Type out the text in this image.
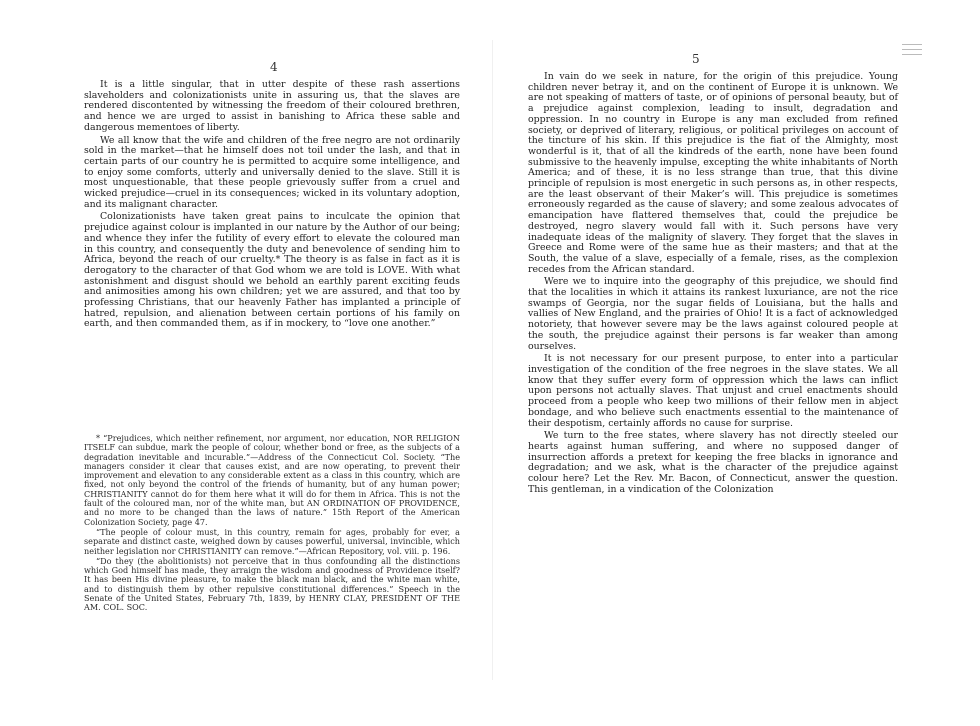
4

It is a little singular, that in utter despite of these rash assertions slaveholders and colonizationists unite in assuring us, that the slaves are rendered discontented by witnessing the freedom of their coloured brethren, and hence we are urged to assist in banishing to Africa these sable and dangerous mementoes of liberty.

We all know that the wife and children of the free negro are not ordinarily sold in the market—that he himself does not toil under the lash, and that in certain parts of our country he is permitted to acquire some intelligence, and to enjoy some comforts, utterly and universally denied to the slave. Still it is most unquestionable, that these people grievously suffer from a cruel and wicked prejudice—cruel in its consequences; wicked in its voluntary adoption, and its malignant character.

Colonizationists have taken great pains to inculcate the opinion that prejudice against colour is implanted in our nature by the Author of our being; and whence they infer the futility of every effort to elevate the coloured man in this country, and consequently the duty and benevolence of sending him to Africa, beyond the reach of our cruelty.* The theory is as false in fact as it is derogatory to the character of that God whom we are told is LOVE. With what astonishment and disgust should we behold an earthly parent exciting feuds and animosities among his own children; yet we are assured, and that too by professing Christians, that our heavenly Father has implanted a principle of hatred, repulsion, and alienation between certain portions of his family on earth, and then commanded them, as if in mockery, to “love one another.”

* “Prejudices, which neither refinement, nor argument, nor education, NOR RELIGION ITSELF can subdue, mark the people of colour, whether bond or free, as the subjects of a degradation inevitable and incurable.”—Address of the Connecticut Col. Society. “The managers consider it clear that causes exist, and are now operating, to prevent their improvement and elevation to any considerable extent as a class in this country, which are fixed, not only beyond the control of the friends of humanity, but of any human power; CHRISTIANITY cannot do for them here what it will do for them in Africa. This is not the fault of the coloured man, nor of the white man, but AN ORDINATION OF PROVIDENCE, and no more to be changed than the laws of nature.” 15th Report of the American Colonization Society, page 47.

“The people of colour must, in this country, remain for ages, probably for ever, a separate and distinct caste, weighed down by causes powerful, universal, invincible, which neither legislation nor CHRISTIANITY can remove.”—African Repository, vol. viii. p. 196.

“Do they (the abolitionists) not perceive that in thus confounding all the distinctions which God himself has made, they arraign the wisdom and goodness of Providence itself? It has been His divine pleasure, to make the black man black, and the white man white, and to distinguish them by other repulsive constitutional differences.” Speech in the Senate of the United States, February 7th, 1839, by HENRY CLAY, PRESIDENT OF THE AM. COL. SOC.

5

In vain do we seek in nature, for the origin of this prejudice. Young children never betray it, and on the continent of Europe it is unknown. We are not speaking of matters of taste, or of opinions of personal beauty, but of a prejudice against complexion, leading to insult, degradation and oppression. In no country in Europe is any man excluded from refined society, or deprived of literary, religious, or political privileges on account of the tincture of his skin. If this prejudice is the fiat of the Almighty, most wonderful is it, that of all the kindreds of the earth, none have been found submissive to the heavenly impulse, excepting the white inhabitants of North America; and of these, it is no less strange than true, that this divine principle of repulsion is most energetic in such persons as, in other respects, are the least observant of their Maker’s will. This prejudice is sometimes erroneously regarded as the cause of slavery; and some zealous advocates of emancipation have flattered themselves that, could the prejudice be destroyed, negro slavery would fall with it. Such persons have very inadequate ideas of the malignity of slavery. They forget that the slaves in Greece and Rome were of the same hue as their masters; and that at the South, the value of a slave, especially of a female, rises, as the complexion recedes from the African standard.

Were we to inquire into the geography of this prejudice, we should find that the localities in which it attains its rankest luxuriance, are not the rice swamps of Georgia, nor the sugar fields of Louisiana, but the halls and vallies of New England, and the prairies of Ohio! It is a fact of acknowledged notoriety, that however severe may be the laws against coloured people at the south, the prejudice against their persons is far weaker than among ourselves.

It is not necessary for our present purpose, to enter into a particular investigation of the condition of the free negroes in the slave states. We all know that they suffer every form of oppression which the laws can inflict upon persons not actually slaves. That unjust and cruel enactments should proceed from a people who keep two millions of their fellow men in abject bondage, and who believe such enactments essential to the maintenance of their despotism, certainly affords no cause for surprise.

We turn to the free states, where slavery has not directly steeled our hearts against human suffering, and where no supposed danger of insurrection affords a pretext for keeping the free blacks in ignorance and degradation; and we ask, what is the character of the prejudice against colour here? Let the Rev. Mr. Bacon, of Connecticut, answer the question. This gentleman, in a vindication of the Colonization
